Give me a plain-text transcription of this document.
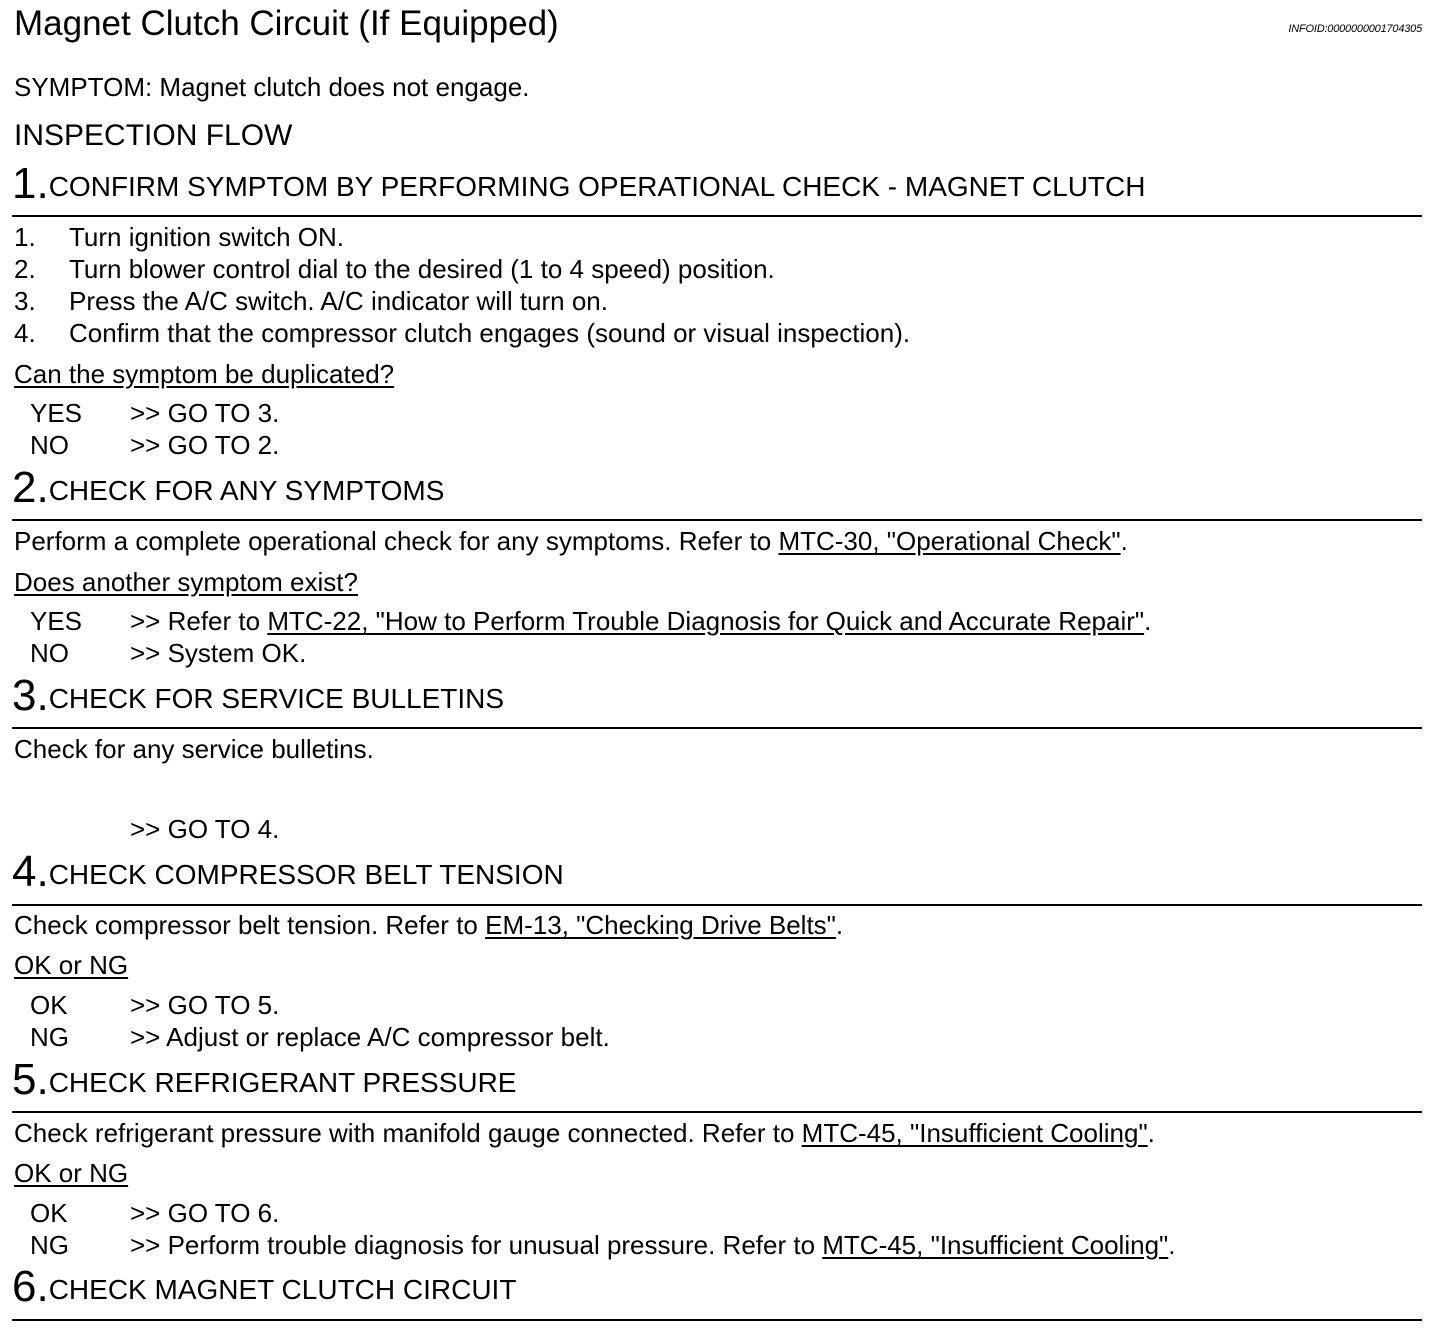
Magnet Clutch Circuit (If Equipped)	INFOID:0000000001704305
SYMPTOM: Magnet clutch does not engage.
INSPECTION FLOW
1.CONFIRM SYMPTOM BY PERFORMING OPERATIONAL CHECK - MAGNET CLUTCH
1. Turn ignition switch ON.
2. Turn blower control dial to the desired (1 to 4 speed) position.
3. Press the A/C switch. A/C indicator will turn on.
4. Confirm that the compressor clutch engages (sound or visual inspection).
Can the symptom be duplicated?
YES >> GO TO 3.
NO >> GO TO 2.
2.CHECK FOR ANY SYMPTOMS
Perform a complete operational check for any symptoms. Refer to MTC-30, "Operational Check".
Does another symptom exist?
YES >> Refer to MTC-22, "How to Perform Trouble Diagnosis for Quick and Accurate Repair".
NO >> System OK.
3.CHECK FOR SERVICE BULLETINS
Check for any service bulletins.
>> GO TO 4.
4.CHECK COMPRESSOR BELT TENSION
Check compressor belt tension. Refer to EM-13, "Checking Drive Belts".
OK or NG
OK >> GO TO 5.
NG >> Adjust or replace A/C compressor belt.
5.CHECK REFRIGERANT PRESSURE
Check refrigerant pressure with manifold gauge connected. Refer to MTC-45, "Insufficient Cooling".
OK or NG
OK >> GO TO 6.
NG >> Perform trouble diagnosis for unusual pressure. Refer to MTC-45, "Insufficient Cooling".
6.CHECK MAGNET CLUTCH CIRCUIT
